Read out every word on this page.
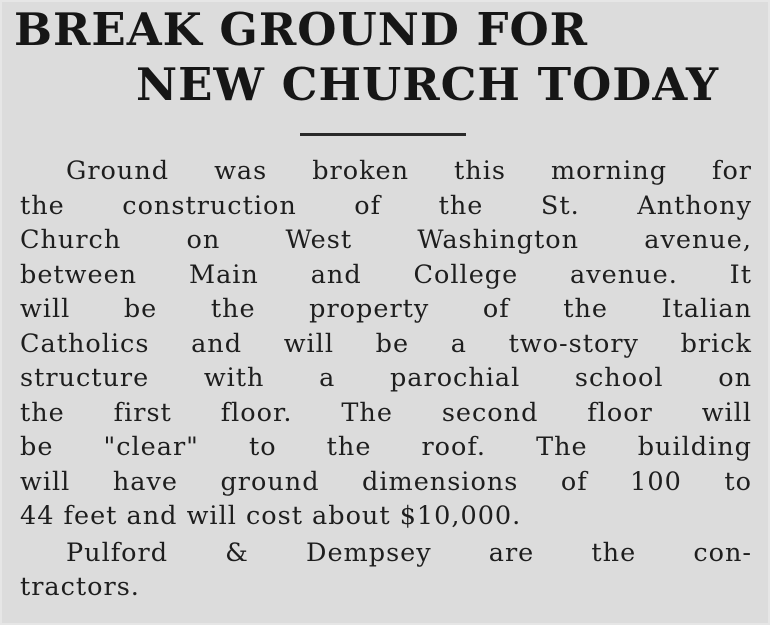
BREAK GROUND FOR
NEW CHURCH TODAY
Ground was broken this morning for
the construction of the St. Anthony
Church on West Washington avenue,
between Main and College avenue. It
will be the property of the Italian
Catholics and will be a two-story brick
structure with a parochial school on
the first floor. The second floor will
be "clear" to the roof. The building
will have ground dimensions of 100 to
44 feet and will cost about $10,000.
Pulford & Dempsey are the con-
tractors.
